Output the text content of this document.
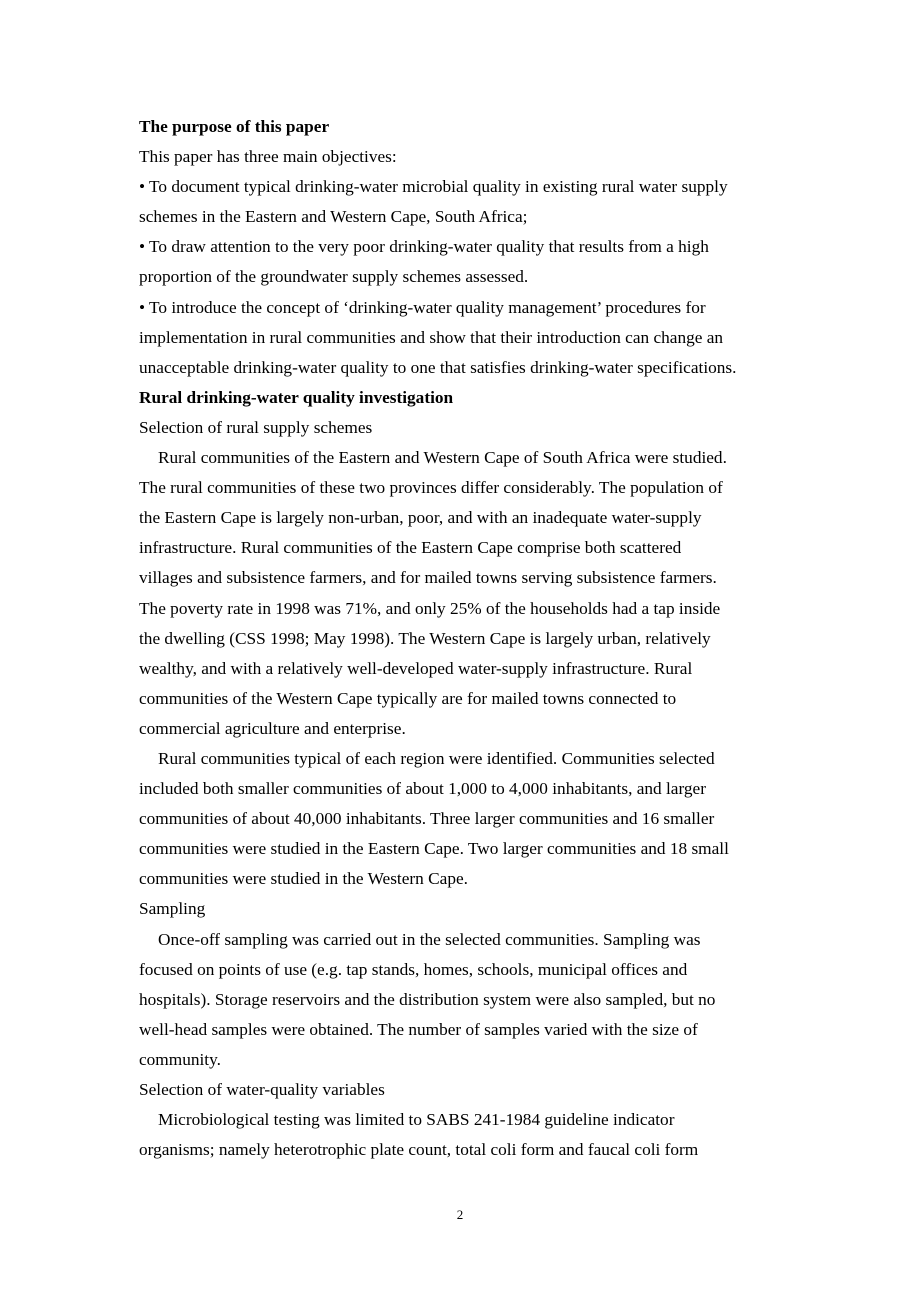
The purpose of this paper
This paper has three main objectives:
• To document typical drinking-water microbial quality in existing rural water supply
schemes in the Eastern and Western Cape, South Africa;
• To draw attention to the very poor drinking-water quality that results from a high
proportion of the groundwater supply schemes assessed.
• To introduce the concept of ‘drinking-water quality management’ procedures for
implementation in rural communities and show that their introduction can change an
unacceptable drinking-water quality to one that satisfies drinking-water specifications.
Rural drinking-water quality investigation
Selection of rural supply schemes
Rural communities of the Eastern and Western Cape of South Africa were studied.
The rural communities of these two provinces differ considerably. The population of
the Eastern Cape is largely non-urban, poor, and with an inadequate water-supply
infrastructure. Rural communities of the Eastern Cape comprise both scattered
villages and subsistence farmers, and for mailed towns serving subsistence farmers.
The poverty rate in 1998 was 71%, and only 25% of the households had a tap inside
the dwelling (CSS 1998; May 1998). The Western Cape is largely urban, relatively
wealthy, and with a relatively well-developed water-supply infrastructure. Rural
communities of the Western Cape typically are for mailed towns connected to
commercial agriculture and enterprise.
Rural communities typical of each region were identified. Communities selected
included both smaller communities of about 1,000 to 4,000 inhabitants, and larger
communities of about 40,000 inhabitants. Three larger communities and 16 smaller
communities were studied in the Eastern Cape. Two larger communities and 18 small
communities were studied in the Western Cape.
Sampling
Once-off sampling was carried out in the selected communities. Sampling was
focused on points of use (e.g. tap stands, homes, schools, municipal offices and
hospitals). Storage reservoirs and the distribution system were also sampled, but no
well-head samples were obtained. The number of samples varied with the size of
community.
Selection of water-quality variables
Microbiological testing was limited to SABS 241-1984 guideline indicator
organisms; namely heterotrophic plate count, total coli form and faucal coli form
2
